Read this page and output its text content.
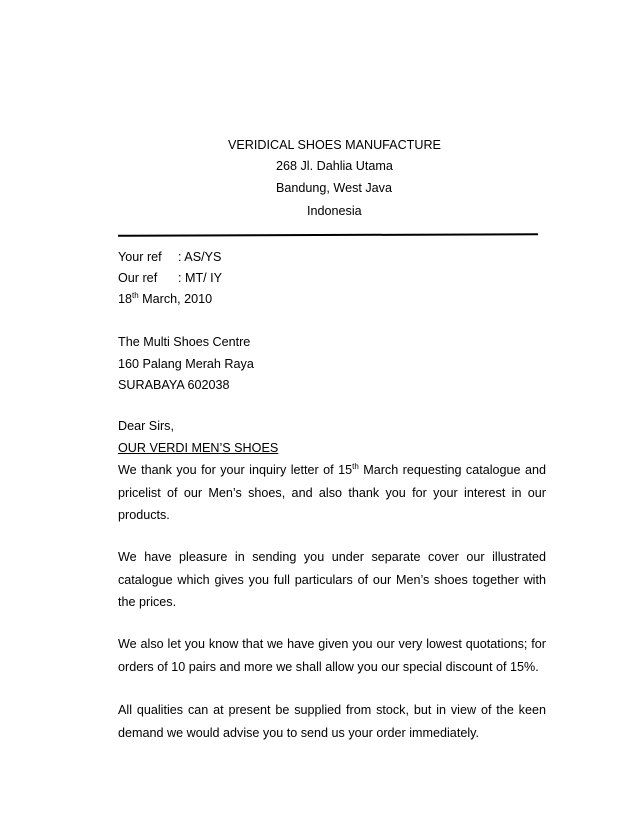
VERIDICAL SHOES MANUFACTURE
268 Jl. Dahlia Utama
Bandung, West Java
Indonesia
Your ref : AS/YS
Our ref : MT/ IY
18th March, 2010
The Multi Shoes Centre
160 Palang Merah Raya
SURABAYA 602038
Dear Sirs,
OUR VERDI MEN’S SHOES
We thank you for your inquiry letter of 15th March requesting catalogue and pricelist of our Men’s shoes, and also thank you for your interest in our products.
We have pleasure in sending you under separate cover our illustrated catalogue which gives you full particulars of our Men’s shoes together with the prices.
We also let you know that we have given you our very lowest quotations; for orders of 10 pairs and more we shall allow you our special discount of 15%.
All qualities can at present be supplied from stock, but in view of the keen demand we would advise you to send us your order immediately.
